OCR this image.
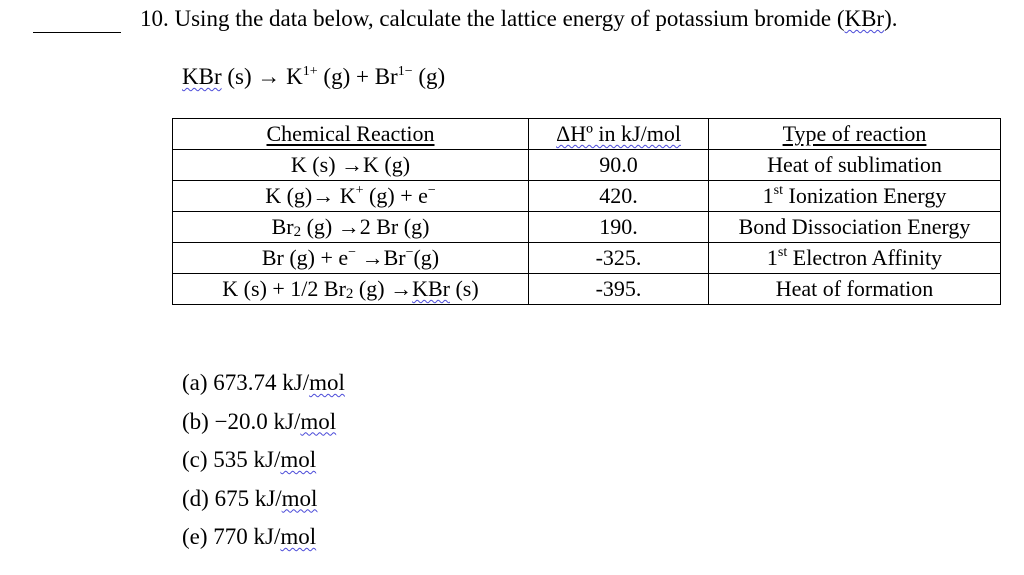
10. Using the data below, calculate the lattice energy of potassium bromide (KBr).
KBr $(s) \to K^{1+}$ $(g) + Br^{1-}$ (g)
Chemical Reaction	ΔHº in kJ/mol	Type of reaction
K (s) →K (g)	90.0	Heat of sublimation
K (g)→ K+ (g) + e−	420.	1st Ionization Energy
$Br_2$ (g) →2 Br (g)	190.	Bond Dissociation Energy
Br (g) + e− →Br−(g)	-325.	1st Electron Affinity
K (s) + 1/2 $Br_2$ (g) →KBr (s)	-395.	Heat of formation
(a) 673.74 kJ/mol
(b) −20.0 kJ/mol
(c) 535 kJ/mol
(d) 675 kJ/mol
(e) 770 kJ/mol
